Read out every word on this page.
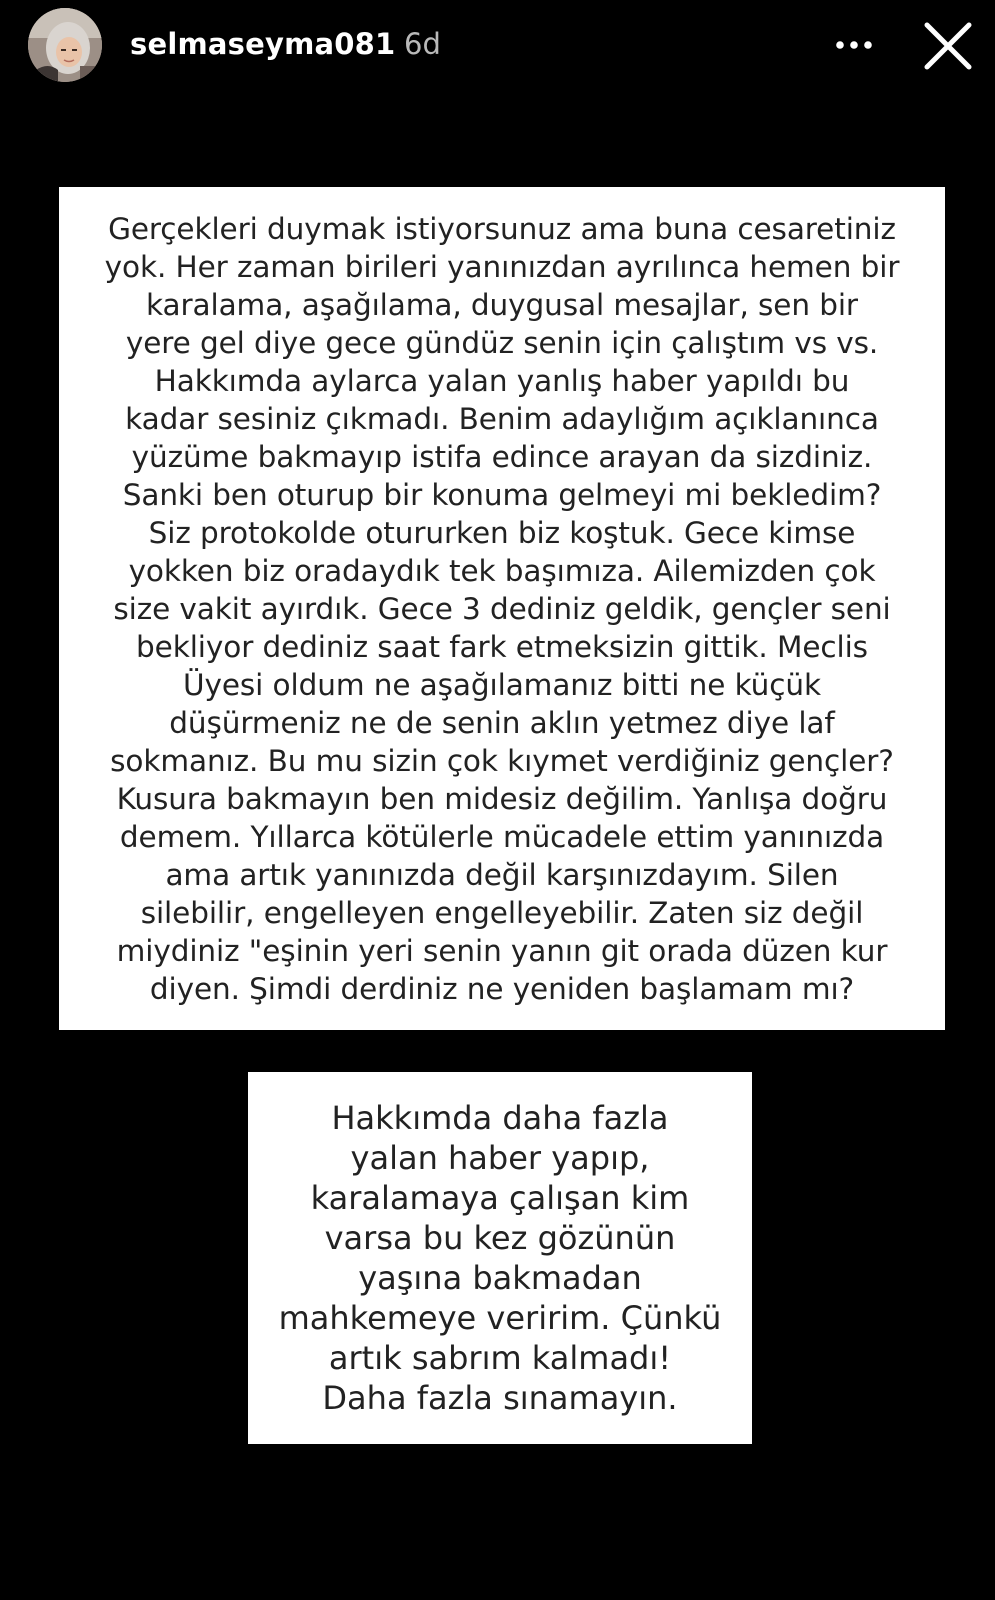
selmaseyma081 6d
Gerçekleri duymak istiyorsunuz ama buna cesaretiniz
yok. Her zaman birileri yanınızdan ayrılınca hemen bir
karalama, aşağılama, duygusal mesajlar, sen bir
yere gel diye gece gündüz senin için çalıştım vs vs.
Hakkımda aylarca yalan yanlış haber yapıldı bu
kadar sesiniz çıkmadı. Benim adaylığım açıklanınca
yüzüme bakmayıp istifa edince arayan da sizdiniz.
Sanki ben oturup bir konuma gelmeyi mi bekledim?
Siz protokolde otururken biz koştuk. Gece kimse
yokken biz oradaydık tek başımıza. Ailemizden çok
size vakit ayırdık. Gece 3 dediniz geldik, gençler seni
bekliyor dediniz saat fark etmeksizin gittik. Meclis
Üyesi oldum ne aşağılamanız bitti ne küçük
düşürmeniz ne de senin aklın yetmez diye laf
sokmanız. Bu mu sizin çok kıymet verdiğiniz gençler?
Kusura bakmayın ben midesiz değilim. Yanlışa doğru
demem. Yıllarca kötülerle mücadele ettim yanınızda
ama artık yanınızda değil karşınızdayım. Silen
silebilir, engelleyen engelleyebilir. Zaten siz değil
miydiniz "eşinin yeri senin yanın git orada düzen kur
diyen. Şimdi derdiniz ne yeniden başlamam mı?
Hakkımda daha fazla
yalan haber yapıp,
karalamaya çalışan kim
varsa bu kez gözünün
yaşına bakmadan
mahkemeye veririm. Çünkü
artık sabrım kalmadı!
Daha fazla sınamayın.
